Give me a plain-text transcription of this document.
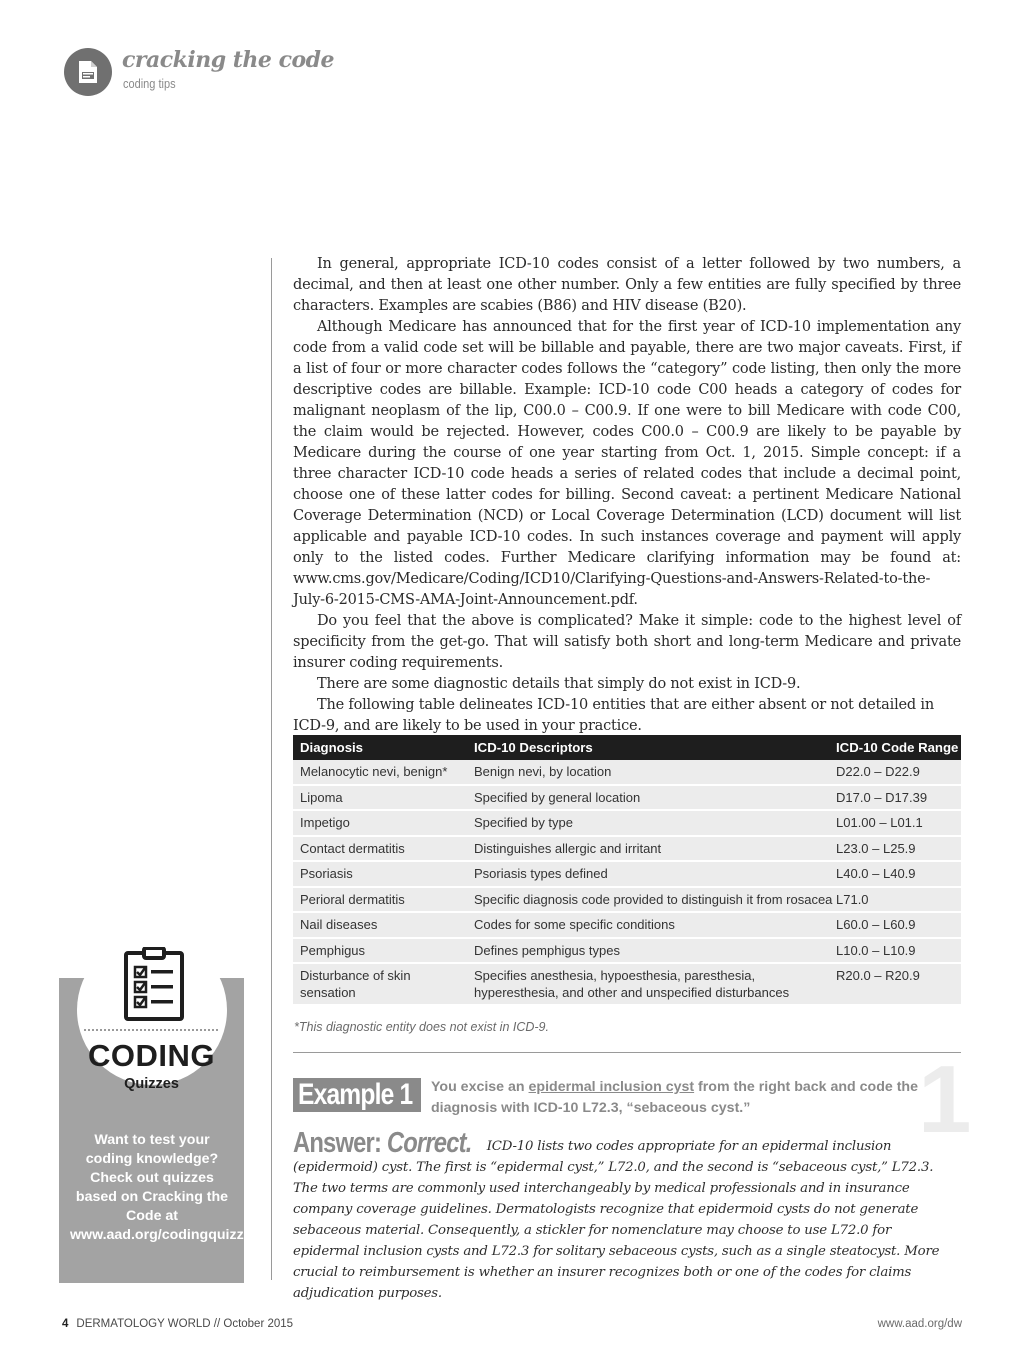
cracking the code
coding tips

In general, appropriate ICD-10 codes consist of a letter followed by two numbers, a decimal, and then at least one other number. Only a few entities are fully specified by three characters. Examples are scabies (B86) and HIV disease (B20).

Although Medicare has announced that for the first year of ICD-10 implementation any code from a valid code set will be billable and payable, there are two major caveats. First, if a list of four or more character codes follows the “category” code listing, then only the more descriptive codes are billable. Example: ICD-10 code C00 heads a category of codes for malignant neoplasm of the lip, C00.0 – C00.9. If one were to bill Medicare with code C00, the claim would be rejected. However, codes C00.0 – C00.9 are likely to be payable by Medicare during the course of one year starting from Oct. 1, 2015. Simple concept: if a three character ICD-10 code heads a series of related codes that include a decimal point, choose one of these latter codes for billing. Second caveat: a pertinent Medicare National Coverage Determination (NCD) or Local Coverage Determination (LCD) document will list applicable and payable ICD-10 codes. In such instances coverage and payment will apply only to the listed codes. Further Medicare clarifying information may be found at: www.cms.gov/Medicare/Coding/ICD10/Clarifying-Questions-and-Answers-Related-to-the-July-6-2015-CMS-AMA-Joint-Announcement.pdf.

Do you feel that the above is complicated? Make it simple: code to the highest level of specificity from the get-go. That will satisfy both short and long-term Medicare and private insurer coding requirements.

There are some diagnostic details that simply do not exist in ICD-9.

The following table delineates ICD-10 entities that are either absent or not detailed in ICD-9, and are likely to be used in your practice.

Diagnosis	ICD-10 Descriptors	ICD-10 Code Range
Melanocytic nevi, benign*	Benign nevi, by location	D22.0 – D22.9
Lipoma	Specified by general location	D17.0 – D17.39
Impetigo	Specified by type	L01.00 – L01.1
Contact dermatitis	Distinguishes allergic and irritant	L23.0 – L25.9
Psoriasis	Psoriasis types defined	L40.0 – L40.9
Perioral dermatitis	Specific diagnosis code provided to distinguish it from rosacea	L71.0
Nail diseases	Codes for some specific conditions	L60.0 – L60.9
Pemphigus	Defines pemphigus types	L10.0 – L10.9
Disturbance of skin sensation	Specifies anesthesia, hypoesthesia, paresthesia, hyperesthesia, and other and unspecified disturbances	R20.0 – R20.9
*This diagnostic entity does not exist in ICD-9.
1
Example 1	You excise an epidermal inclusion cyst from the right back and code the diagnosis with ICD-10 L72.3, “sebaceous cyst.”
Answer: Correct. ICD-10 lists two codes appropriate for an epidermal inclusion (epidermoid) cyst. The first is “epidermal cyst,” L72.0, and the second is “sebaceous cyst,” L72.3. The two terms are commonly used interchangeably by medical professionals and in insurance company coverage guidelines. Dermatologists recognize that epidermoid cysts do not generate sebaceous material. Consequently, a stickler for nomenclature may choose to use L72.0 for epidermal inclusion cysts and L72.3 for solitary sebaceous cysts, such as a single steatocyst. More crucial to reimbursement is whether an insurer recognizes both or one of the codes for claims adjudication purposes.
CODING
Quizzes
Want to test your coding knowledge? Check out quizzes based on Cracking the Code at www.aad.org/codingquizzes.
4 DERMATOLOGY WORLD // October 2015	www.aad.org/dw
